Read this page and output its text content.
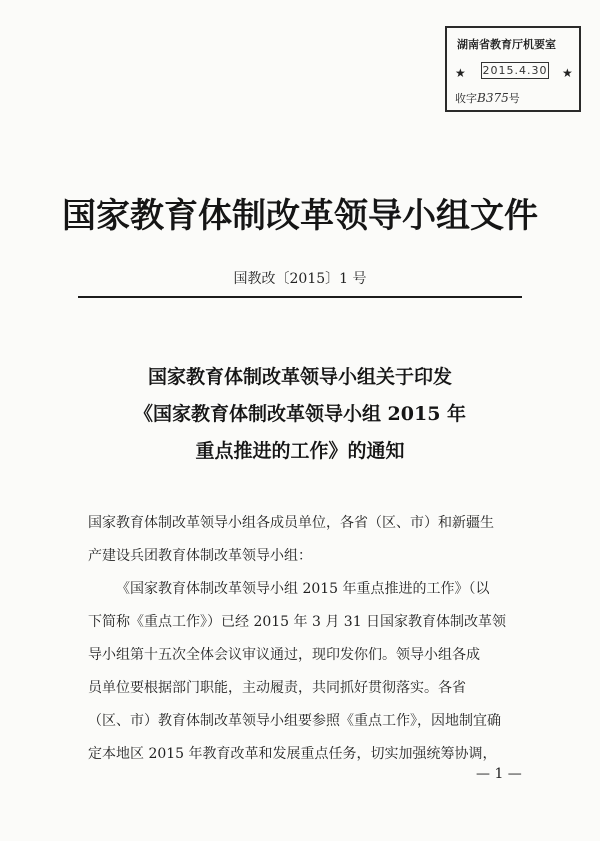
湖南省教育厅机要室
★ 2015.4.30 ★
收字B375号
国家教育体制改革领导小组文件
国教改〔2015〕1 号
国家教育体制改革领导小组关于印发
《国家教育体制改革领导小组 2015 年
重点推进的工作》的通知
国家教育体制改革领导小组各成员单位，各省（区、市）和新疆生
产建设兵团教育体制改革领导小组：
《国家教育体制改革领导小组 2015 年重点推进的工作》（以
下简称《重点工作》）已经 2015 年 3 月 31 日国家教育体制改革领
导小组第十五次全体会议审议通过，现印发你们。领导小组各成
员单位要根据部门职能，主动履责，共同抓好贯彻落实。各省
（区、市）教育体制改革领导小组要参照《重点工作》，因地制宜确
定本地区 2015 年教育改革和发展重点任务，切实加强统筹协调，
— 1 —
